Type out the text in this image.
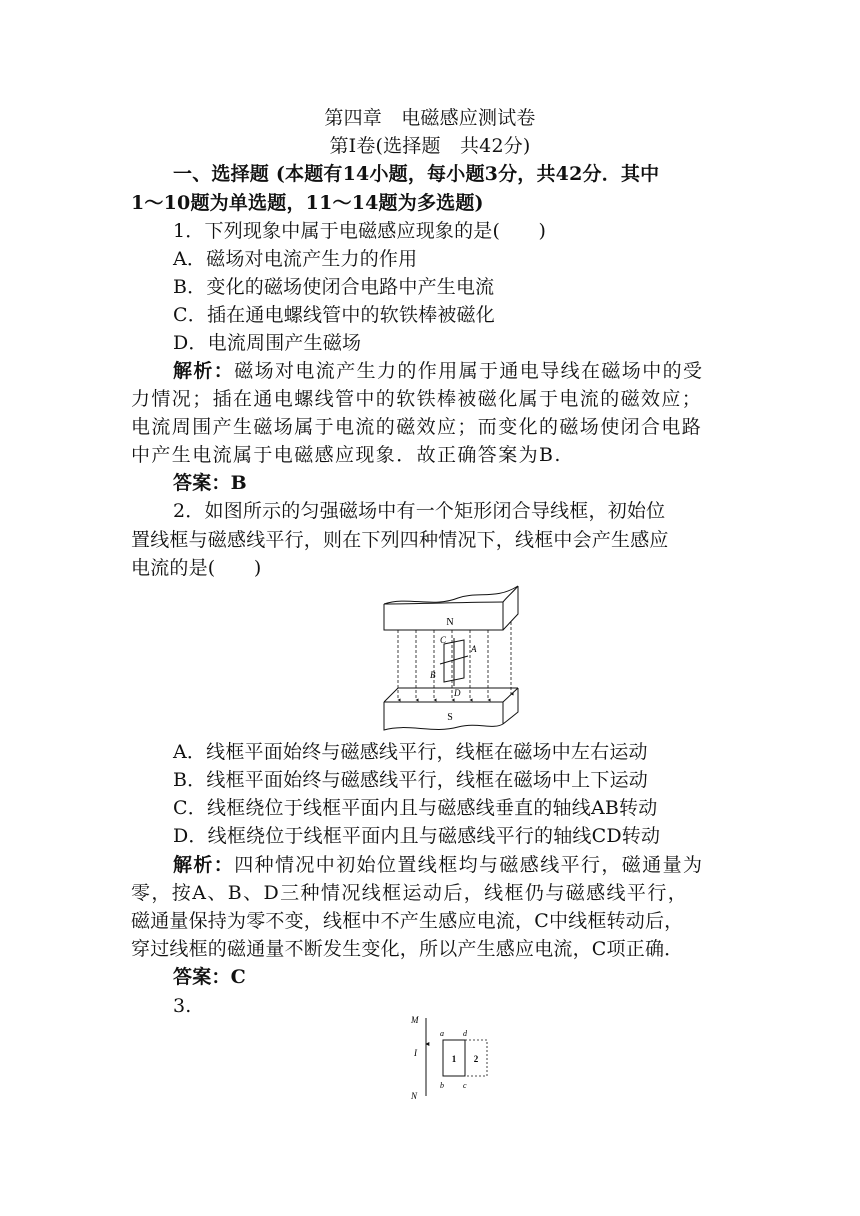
第四章　电磁感应测试卷
第Ⅰ卷(选择题　共42分)
一、选择题 (本题有14小题，每小题3分，共42分．其中
1～10题为单选题，11～14题为多选题)
1．下列现象中属于电磁感应现象的是(　　)
A．磁场对电流产生力的作用
B．变化的磁场使闭合电路中产生电流
C．插在通电螺线管中的软铁棒被磁化
D．电流周围产生磁场
解析：磁场对电流产生力的作用属于通电导线在磁场中的受
力情况；插在通电螺线管中的软铁棒被磁化属于电流的磁效应；
电流周围产生磁场属于电流的磁效应；而变化的磁场使闭合电路
中产生电流属于电磁感应现象．故正确答案为B.
答案：B
2．如图所示的匀强磁场中有一个矩形闭合导线框，初始位
置线框与磁感线平行，则在下列四种情况下，线框中会产生感应
电流的是(　　)
N
C
A
B
D
S
A．线框平面始终与磁感线平行，线框在磁场中左右运动
B．线框平面始终与磁感线平行，线框在磁场中上下运动
C．线框绕位于线框平面内且与磁感线垂直的轴线AB转动
D．线框绕位于线框平面内且与磁感线平行的轴线CD转动
解析：四种情况中初始位置线框均与磁感线平行，磁通量为
零，按A、B、D三种情况线框运动后，线框仍与磁感线平行，
磁通量保持为零不变，线框中不产生感应电流，C中线框转动后，
穿过线框的磁通量不断发生变化，所以产生感应电流，C项正确．
答案：C
3.
M
N
I
a d
b c
1 2
